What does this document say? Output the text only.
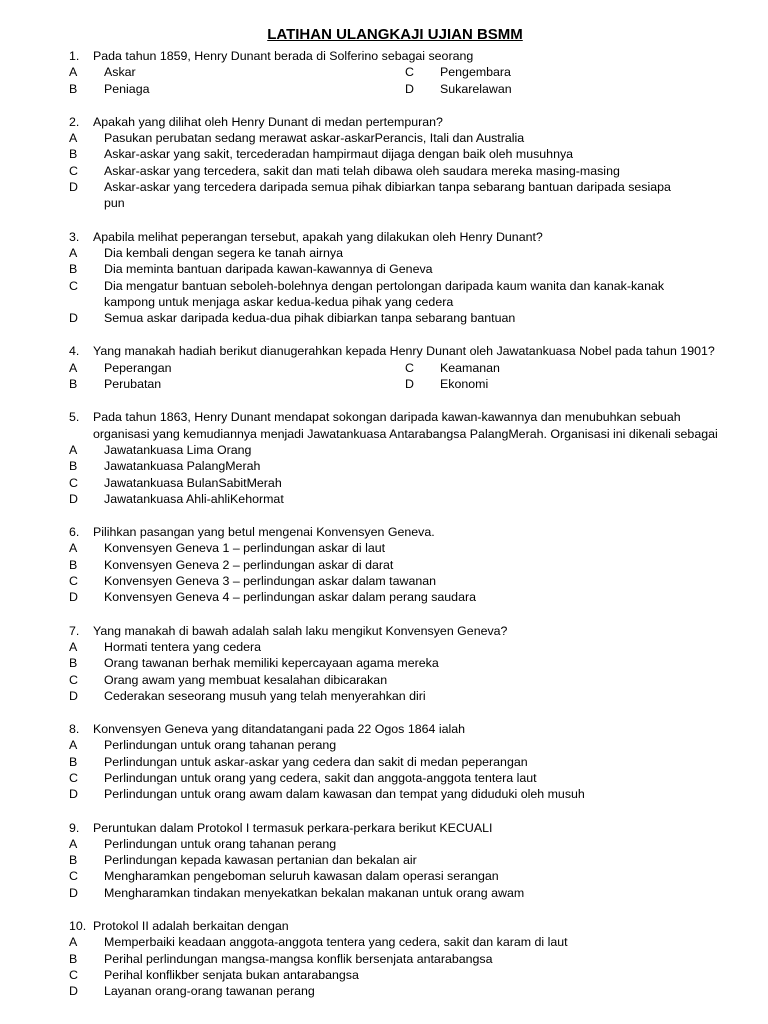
LATIHAN ULANGKAJI UJIAN BSMM
1.	Pada tahun 1859, Henry Dunant berada di Solferino sebagai seorang
A	Askar	C	Pengembara
B	Peniaga	D	Sukarelawan
2.	Apakah yang dilihat oleh Henry Dunant di medan pertempuran?
A	Pasukan perubatan sedang merawat askar-askarPerancis, Itali dan Australia
B	Askar-askar yang sakit, tercederadan hampirmaut dijaga dengan baik oleh musuhnya
C	Askar-askar yang tercedera, sakit dan mati telah dibawa oleh saudara mereka masing-masing
D	Askar-askar yang tercedera daripada semua pihak dibiarkan tanpa sebarang bantuan daripada sesiapa
pun
3.	Apabila melihat peperangan tersebut, apakah yang dilakukan oleh Henry Dunant?
A	Dia kembali dengan segera ke tanah airnya
B	Dia meminta bantuan daripada kawan-kawannya di Geneva
C	Dia mengatur bantuan seboleh-bolehnya dengan pertolongan daripada kaum wanita dan kanak-kanak
kampong untuk menjaga askar kedua-kedua pihak yang cedera
D	Semua askar daripada kedua-dua pihak dibiarkan tanpa sebarang bantuan
4.	Yang manakah hadiah berikut dianugerahkan kepada Henry Dunant oleh Jawatankuasa Nobel pada tahun 1901?
A	Peperangan	C	Keamanan
B	Perubatan	D	Ekonomi
5.	Pada tahun 1863, Henry Dunant mendapat sokongan daripada kawan-kawannya dan menubuhkan sebuah
organisasi yang kemudiannya menjadi Jawatankuasa Antarabangsa PalangMerah. Organisasi ini dikenali sebagai
A	Jawatankuasa Lima Orang
B	Jawatankuasa PalangMerah
C	Jawatankuasa BulanSabitMerah
D	Jawatankuasa Ahli-ahliKehormat
6.	Pilihkan pasangan yang betul mengenai Konvensyen Geneva.
A	Konvensyen Geneva 1 – perlindungan askar di laut
B	Konvensyen Geneva 2 – perlindungan askar di darat
C	Konvensyen Geneva 3 – perlindungan askar dalam tawanan
D	Konvensyen Geneva 4 – perlindungan askar dalam perang saudara
7.	Yang manakah di bawah adalah salah laku mengikut Konvensyen Geneva?
A	Hormati tentera yang cedera
B	Orang tawanan berhak memiliki kepercayaan agama mereka
C	Orang awam yang membuat kesalahan dibicarakan
D	Cederakan seseorang musuh yang telah menyerahkan diri
8.	Konvensyen Geneva yang ditandatangani pada 22 Ogos 1864 ialah
A	Perlindungan untuk orang tahanan perang
B	Perlindungan untuk askar-askar yang cedera dan sakit di medan peperangan
C	Perlindungan untuk orang yang cedera, sakit dan anggota-anggota tentera laut
D	Perlindungan untuk orang awam dalam kawasan dan tempat yang diduduki oleh musuh
9.	Peruntukan dalam Protokol I termasuk perkara-perkara berikut KECUALI
A	Perlindungan untuk orang tahanan perang
B	Perlindungan kepada kawasan pertanian dan bekalan air
C	Mengharamkan pengeboman seluruh kawasan dalam operasi serangan
D	Mengharamkan tindakan menyekatkan bekalan makanan untuk orang awam
10. Protokol II adalah berkaitan dengan
A	Memperbaiki keadaan anggota-anggota tentera yang cedera, sakit dan karam di laut
B	Perihal perlindungan mangsa-mangsa konflik bersenjata antarabangsa
C	Perihal konflikber senjata bukan antarabangsa
D	Layanan orang-orang tawanan perang
